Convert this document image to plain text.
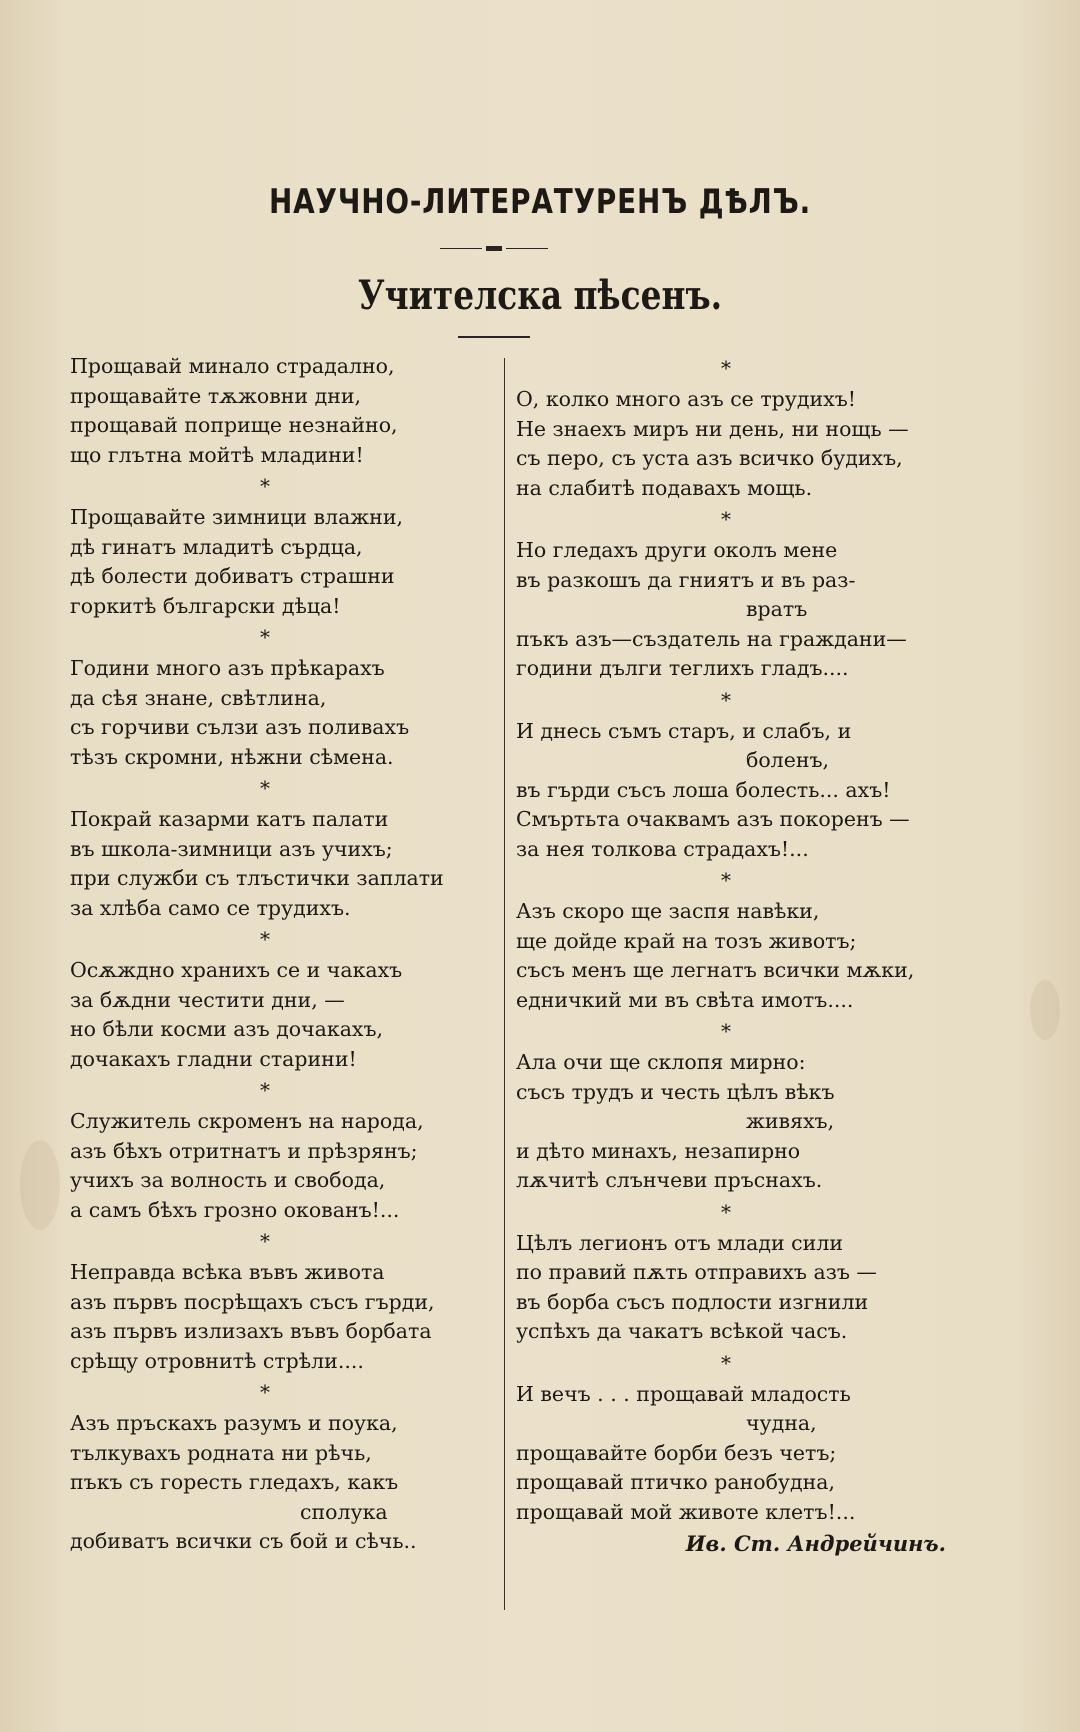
НАУЧНО-ЛИТЕРАТУРЕНЪ ДѢЛЪ.
Учителска пѣсенъ.
Прощавай минало страдално,
прощавайте тѫжовни дни,
прощавай поприще незнайно,
що глътна мойтѣ младини!
*
Прощавайте зимници влажни,
дѣ гинатъ младитѣ сърдца,
дѣ болести добиватъ страшни
горкитѣ български дѣца!
*
Години много азъ прѣкарахъ
да сѣя знане, свѣтлина,
съ горчиви сълзи азъ поливахъ
тѣзъ скромни, нѣжни сѣмена.
*
Покрай казарми катъ палати
въ школа-зимници азъ учихъ;
при служби съ тлъстички заплати
за хлѣба само се трудихъ.
*
Осѫждно хранихъ се и чакахъ
за бѫдни честити дни, —
но бѣли косми азъ дочакахъ,
дочакахъ гладни старини!
*
Служитель скроменъ на народа,
азъ бѣхъ отритнатъ и прѣзрянъ;
учихъ за волность и свобода,
а самъ бѣхъ грозно окованъ!...
*
Неправда всѣка въвъ живота
азъ първъ посрѣщахъ съсъ гърди,
азъ първъ излизахъ въвъ борбата
срѣщу отровнитѣ стрѣли....
*
Азъ пръскахъ разумъ и поука,
тълкувахъ родната ни рѣчь,
пъкъ съ горесть гледахъ, какъ
сполука
добиватъ всички съ бой и сѣчь..
*
О, колко много азъ се трудихъ!
Не знаехъ миръ ни день, ни нощь —
съ перо, съ уста азъ всичко будихъ,
на слабитѣ подавахъ мощь.
*
Но гледахъ други околъ мене
въ разкошъ да гниятъ и въ раз-
вратъ
пъкъ азъ—създатель на граждани—
години дълги теглихъ гладъ....
*
И днесь съмъ старъ, и слабъ, и
боленъ,
въ гърди съсъ лоша болесть... ахъ!
Смъртьта очаквамъ азъ покоренъ —
за нея толкова страдахъ!...
*
Азъ скоро ще заспя навѣки,
ще дойде край на тозъ животъ;
съсъ менъ ще легнатъ всички мѫки,
едничкий ми въ свѣта имотъ....
*
Ала очи ще склопя мирно:
съсъ трудъ и честь цѣлъ вѣкъ
живяхъ,
и дѣто минахъ, незапирно
лѫчитѣ слънчеви пръснахъ.
*
Цѣлъ легионъ отъ млади сили
по правий пѫть отправихъ азъ —
въ борба съсъ подлости изгнили
успѣхъ да чакатъ всѣкой часъ.
*
И вечъ . . . прощавай младость
чудна,
прощавайте борби безъ четъ;
прощавай птичко ранобудна,
прощавай мой животе клетъ!...
Ив. Ст. Андрейчинъ.
